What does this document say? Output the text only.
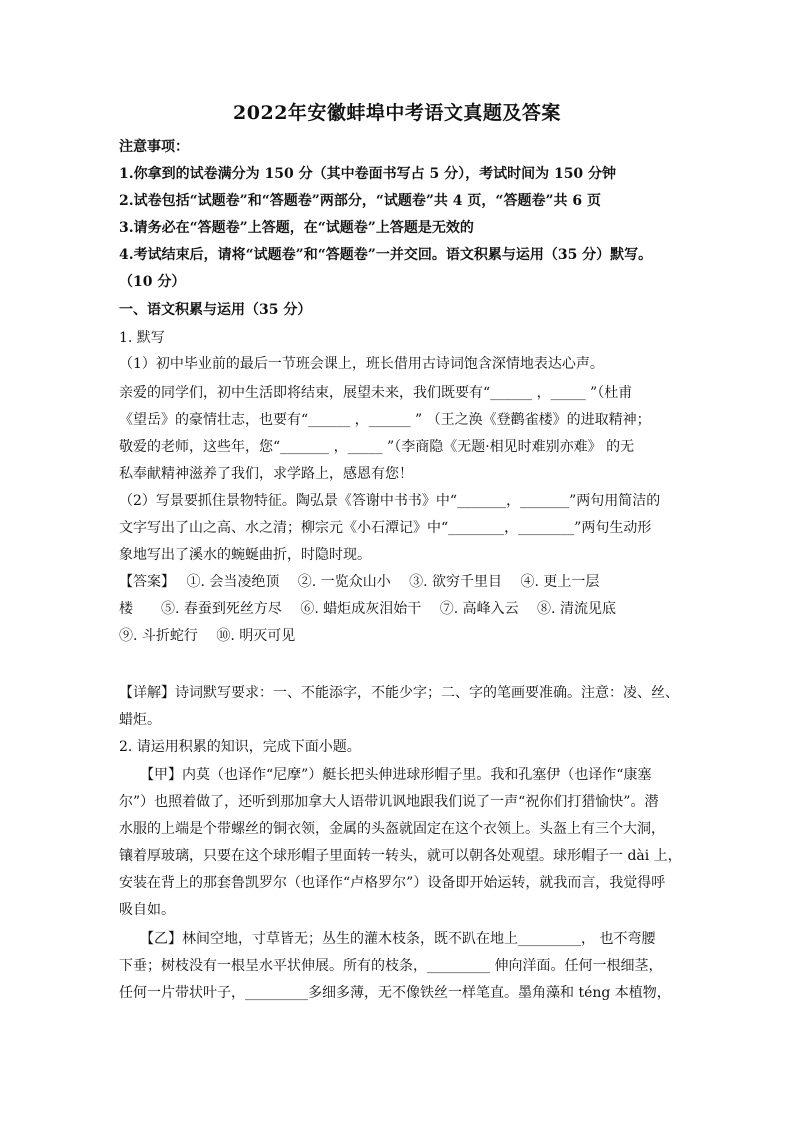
2022年安徽蚌埠中考语文真题及答案
注意事项：
1.你拿到的试卷满分为 150 分（其中卷面书写占 5 分），考试时间为 150 分钟
2.试卷包括“试题卷”和“答题卷”两部分，“试题卷”共 4 页，“答题卷”共 6 页
3.请务必在“答题卷”上答题，在“试题卷”上答题是无效的
4.考试结束后，请将“试题卷”和“答题卷”一并交回。语文积累与运用（35 分）默写。
（10 分）
一、语文积累与运用（35 分）
1. 默写
（1）初中毕业前的最后一节班会课上，班长借用古诗词饱含深情地表达心声。
亲爱的同学们，初中生活即将结束，展望未来，我们既要有“______ ，_____ ”（杜甫
《望岳》的豪情壮志，也要有“______ ，______ ” （王之涣《登鹳雀楼》的进取精神；
敬爱的老师，这些年，您“_______ ，_____ ”（李商隐《无题·相见时难别亦难》 的无
私奉献精神滋养了我们，求学路上，感恩有您！
（2）写景要抓住景物特征。陶弘景《答谢中书书》中“_______，_______”两句用简洁的
文字写出了山之高、水之清；柳宗元《小石潭记》中“________，________”两句生动形
象地写出了溪水的蜿蜒曲折，时隐时现。
【答案】　 ①. 会当凌绝顶　 ②. 一览众山小　 ③. 欲穷千里目　 ④. 更上一层
楼　　⑤. 春蚕到死丝方尽　 ⑥. 蜡炬成灰泪始干　 ⑦. 高峰入云　 ⑧. 清流见底
⑨. 斗折蛇行　 ⑩. 明灭可见
【详解】诗词默写要求：一、不能添字，不能少字；二、字的笔画要准确。注意：凌、丝、
蜡炬。
2. 请运用积累的知识，完成下面小题。
　　【甲】内莫（也译作“尼摩”）艇长把头伸进球形帽子里。我和孔塞伊（也译作“康塞
尔”）也照着做了，还听到那加拿大人语带讥讽地跟我们说了一声“祝你们打猎愉快”。潜
水服的上端是个带螺丝的铜衣领，金属的头盔就固定在这个衣领上。头盔上有三个大洞，
镶着厚玻璃，只要在这个球形帽子里面转一转头，就可以朝各处观望。球形帽子一 dài 上，
安装在背上的那套鲁凯罗尔（也译作“卢格罗尔”）设备即开始运转，就我而言，我觉得呼
吸自如。
　　【乙】林间空地，寸草皆无；丛生的灌木枝条，既不趴在地上_________， 也不弯腰
下垂；树枝没有一根呈水平状伸展。所有的枝条，_________ 伸向洋面。任何一根细茎，
任何一片带状叶子，_________多细多薄，无不像铁丝一样笔直。墨角藻和 téng 本植物，
